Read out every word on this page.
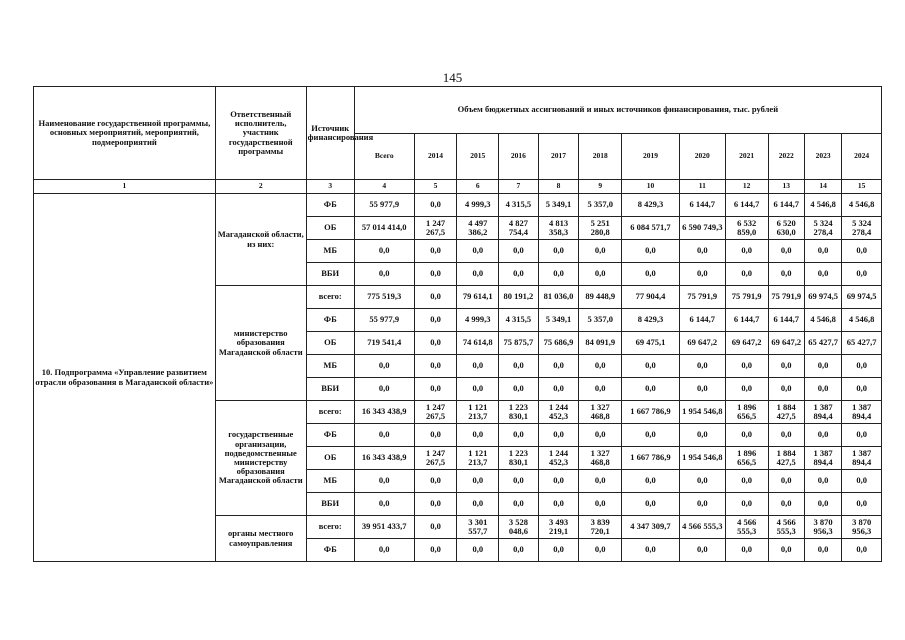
145
Наименование государственной программы, основных мероприятий, мероприятий, подмероприятий	Ответственный исполнитель, участник государственной программы	Источник финансирования	Объем бюджетных ассигнований и иных источников финансирования, тыс. рублей											
			Всего	2014	2015	2016	2017	2018	2019	2020	2021	2022	2023	2024
1	2	3	4	5	6	7	8	9	10	11	12	13	14	15
10. Подпрограмма «Управление развитием отрасли образования в Магаданской области»	Магаданской области, из них:	ФБ	55 977,9	0,0	4 999,3	4 315,5	5 349,1	5 357,0	8 429,3	6 144,7	6 144,7	6 144,7	4 546,8	4 546,8
		ОБ	57 014 414,0	1 247 267,5	4 497 386,2	4 827 754,4	4 813 358,3	5 251 280,8	6 084 571,7	6 590 749,3	6 532 859,0	6 520 630,0	5 324 278,4	5 324 278,4
		МБ	0,0	0,0	0,0	0,0	0,0	0,0	0,0	0,0	0,0	0,0	0,0	0,0
		ВБИ	0,0	0,0	0,0	0,0	0,0	0,0	0,0	0,0	0,0	0,0	0,0	0,0
	министерство образования Магаданской области	всего:	775 519,3	0,0	79 614,1	80 191,2	81 036,0	89 448,9	77 904,4	75 791,9	75 791,9	75 791,9	69 974,5	69 974,5
		ФБ	55 977,9	0,0	4 999,3	4 315,5	5 349,1	5 357,0	8 429,3	6 144,7	6 144,7	6 144,7	4 546,8	4 546,8
		ОБ	719 541,4	0,0	74 614,8	75 875,7	75 686,9	84 091,9	69 475,1	69 647,2	69 647,2	69 647,2	65 427,7	65 427,7
		МБ	0,0	0,0	0,0	0,0	0,0	0,0	0,0	0,0	0,0	0,0	0,0	0,0
		ВБИ	0,0	0,0	0,0	0,0	0,0	0,0	0,0	0,0	0,0	0,0	0,0	0,0
	государственные организации, подведомственные министерству образования Магаданской области	всего:	16 343 438,9	1 247 267,5	1 121 213,7	1 223 830,1	1 244 452,3	1 327 468,8	1 667 786,9	1 954 546,8	1 896 656,5	1 884 427,5	1 387 894,4	1 387 894,4
		ФБ	0,0	0,0	0,0	0,0	0,0	0,0	0,0	0,0	0,0	0,0	0,0	0,0
		ОБ	16 343 438,9	1 247 267,5	1 121 213,7	1 223 830,1	1 244 452,3	1 327 468,8	1 667 786,9	1 954 546,8	1 896 656,5	1 884 427,5	1 387 894,4	1 387 894,4
		МБ	0,0	0,0	0,0	0,0	0,0	0,0	0,0	0,0	0,0	0,0	0,0	0,0
		ВБИ	0,0	0,0	0,0	0,0	0,0	0,0	0,0	0,0	0,0	0,0	0,0	0,0
	органы местного самоуправления	всего:	39 951 433,7	0,0	3 301 557,7	3 528 048,6	3 493 219,1	3 839 720,1	4 347 309,7	4 566 555,3	4 566 555,3	4 566 555,3	3 870 956,3	3 870 956,3
		ФБ	0,0	0,0	0,0	0,0	0,0	0,0	0,0	0,0	0,0	0,0	0,0	0,0
